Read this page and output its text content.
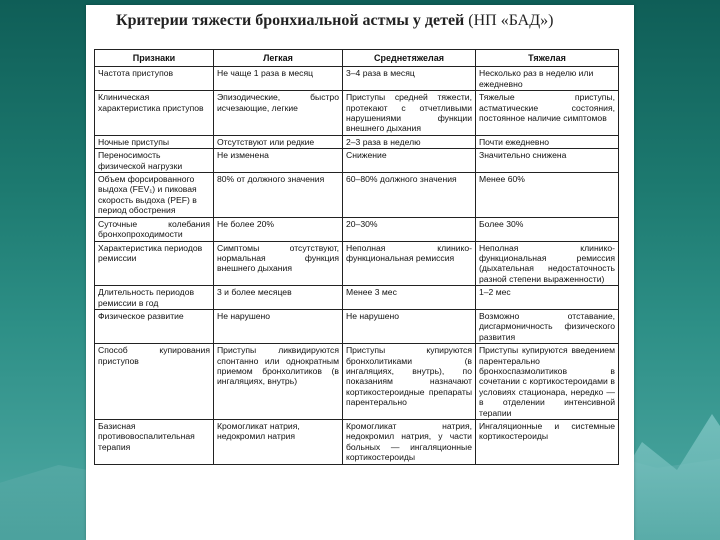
Критерии тяжести бронхиальной астмы у детей (НП «БАД»)
Признаки	Легкая	Среднетяжелая	Тяжелая
Частота приступов	Не чаще 1 раза в месяц	3–4 раза в месяц	Несколько раз в неделю или ежедневно
Клиническая характеристика приступов	Эпизодические, быстро исчезающие, легкие	Приступы средней тяжести, протекают с отчетливыми нарушениями функции внешнего дыхания	Тяжелые приступы, астматические состояния, постоянное наличие симптомов
Ночные приступы	Отсутствуют или редкие	2–3 раза в неделю	Почти ежедневно
Переносимость физической нагрузки	Не изменена	Снижение	Значительно снижена
Объем форсированного выдоха (FEV₁) и пиковая скорость выдоха (PEF) в период обострения	80% от должного значения	60–80% должного значения	Менее 60%
Суточные колебания бронхопроходимости	Не более 20%	20–30%	Более 30%
Характеристика периодов ремиссии	Симптомы отсутствуют, нормальная функция внешнего дыхания	Неполная клинико-функциональная ремиссия	Неполная клинико-функциональная ремиссия (дыхательная недостаточность разной степени выраженности)
Длительность периодов ремиссии в год	3 и более месяцев	Менее 3 мес	1–2 мес
Физическое развитие	Не нарушено	Не нарушено	Возможно отставание, дисгармоничность физического развития
Способ купирования приступов	Приступы ликвидируются спонтанно или однократным приемом бронхолитиков (в ингаляциях, внутрь)	Приступы купируются бронхолитиками (в ингаляциях, внутрь), по показаниям назначают кортикостероидные препараты парентерально	Приступы купируются введением парентерально бронхоспазмолитиков в сочетании с кортикостероидами в условиях стационара, нередко — в отделении интенсивной терапии
Базисная противовоспалительная терапия	Кромогликат натрия, недокромил натрия	Кромогликат натрия, недокромил натрия, у части больных — ингаляционные кортикостероиды	Ингаляционные и системные кортикостероиды
